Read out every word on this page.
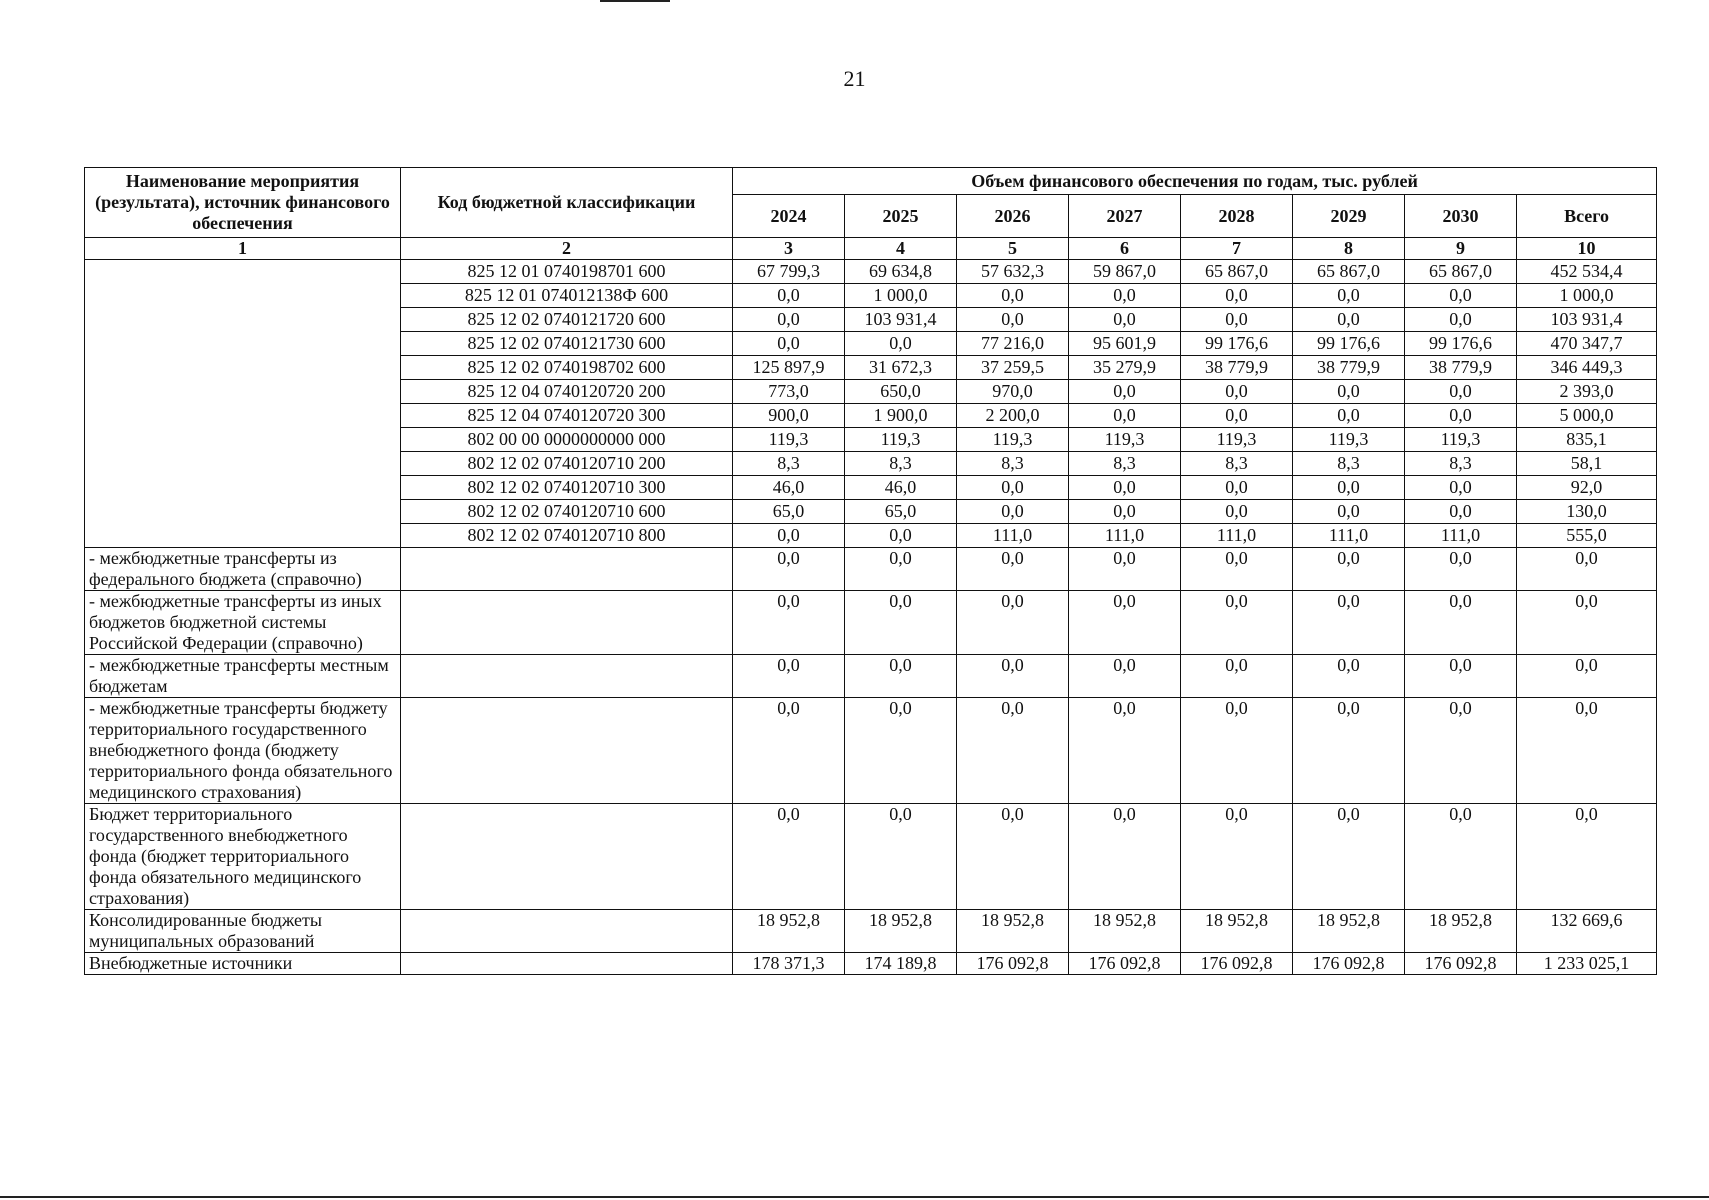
21
Наименование мероприятия (результата), источник финансового обеспечения	Код бюджетной классификации	Объем финансового обеспечения по годам, тыс. рублей							
		2024	2025	2026	2027	2028	2029	2030	Всего
1	2	3	4	5	6	7	8	9	10
	825 12 01 0740198701 600	67 799,3	69 634,8	57 632,3	59 867,0	65 867,0	65 867,0	65 867,0	452 534,4
	825 12 01 074012138Ф 600	0,0	1 000,0	0,0	0,0	0,0	0,0	0,0	1 000,0
	825 12 02 0740121720 600	0,0	103 931,4	0,0	0,0	0,0	0,0	0,0	103 931,4
	825 12 02 0740121730 600	0,0	0,0	77 216,0	95 601,9	99 176,6	99 176,6	99 176,6	470 347,7
	825 12 02 0740198702 600	125 897,9	31 672,3	37 259,5	35 279,9	38 779,9	38 779,9	38 779,9	346 449,3
	825 12 04 0740120720 200	773,0	650,0	970,0	0,0	0,0	0,0	0,0	2 393,0
	825 12 04 0740120720 300	900,0	1 900,0	2 200,0	0,0	0,0	0,0	0,0	5 000,0
	802 00 00 0000000000 000	119,3	119,3	119,3	119,3	119,3	119,3	119,3	835,1
	802 12 02 0740120710 200	8,3	8,3	8,3	8,3	8,3	8,3	8,3	58,1
	802 12 02 0740120710 300	46,0	46,0	0,0	0,0	0,0	0,0	0,0	92,0
	802 12 02 0740120710 600	65,0	65,0	0,0	0,0	0,0	0,0	0,0	130,0
	802 12 02 0740120710 800	0,0	0,0	111,0	111,0	111,0	111,0	111,0	555,0
- межбюджетные трансферты из федерального бюджета (справочно)		0,0	0,0	0,0	0,0	0,0	0,0	0,0	0,0
- межбюджетные трансферты из иных бюджетов бюджетной системы Российской Федерации (справочно)		0,0	0,0	0,0	0,0	0,0	0,0	0,0	0,0
- межбюджетные трансферты местным бюджетам		0,0	0,0	0,0	0,0	0,0	0,0	0,0	0,0
- межбюджетные трансферты бюджету территориального государственного внебюджетного фонда (бюджету территориального фонда обязательного медицинского страхования)		0,0	0,0	0,0	0,0	0,0	0,0	0,0	0,0
Бюджет территориального государственного внебюджетного фонда (бюджет территориального фонда обязательного медицинского страхования)		0,0	0,0	0,0	0,0	0,0	0,0	0,0	0,0
Консолидированные бюджеты муниципальных образований		18 952,8	18 952,8	18 952,8	18 952,8	18 952,8	18 952,8	18 952,8	132 669,6
Внебюджетные источники		178 371,3	174 189,8	176 092,8	176 092,8	176 092,8	176 092,8	176 092,8	1 233 025,1
